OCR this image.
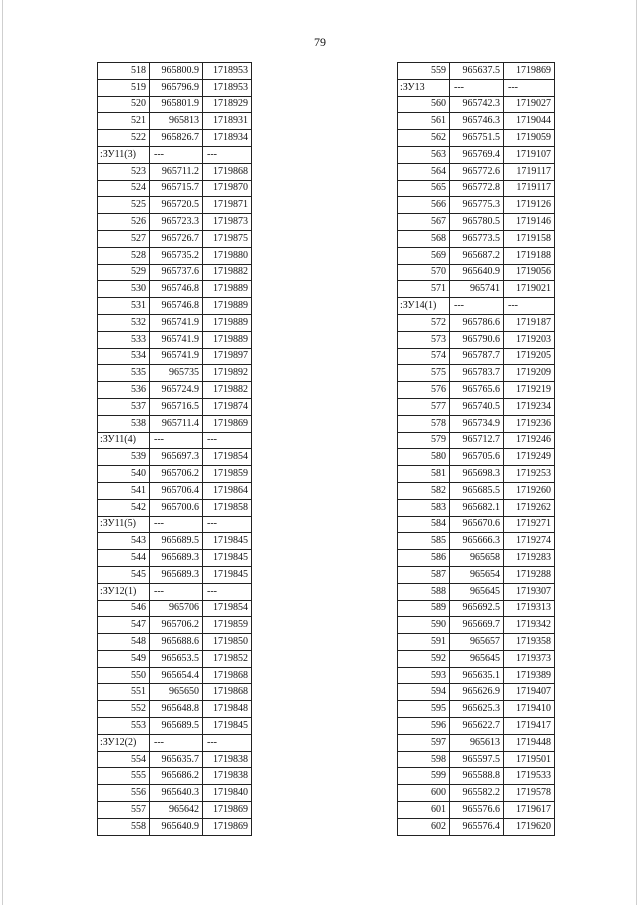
79
518	965800.9	1718953
519	965796.9	1718953
520	965801.9	1718929
521	965813	1718931
522	965826.7	1718934
:ЗУ11(3)	---	---
523	965711.2	1719868
524	965715.7	1719870
525	965720.5	1719871
526	965723.3	1719873
527	965726.7	1719875
528	965735.2	1719880
529	965737.6	1719882
530	965746.8	1719889
531	965746.8	1719889
532	965741.9	1719889
533	965741.9	1719889
534	965741.9	1719897
535	965735	1719892
536	965724.9	1719882
537	965716.5	1719874
538	965711.4	1719869
:ЗУ11(4)	---	---
539	965697.3	1719854
540	965706.2	1719859
541	965706.4	1719864
542	965700.6	1719858
:ЗУ11(5)	---	---
543	965689.5	1719845
544	965689.3	1719845
545	965689.3	1719845
:ЗУ12(1)	---	---
546	965706	1719854
547	965706.2	1719859
548	965688.6	1719850
549	965653.5	1719852
550	965654.4	1719868
551	965650	1719868
552	965648.8	1719848
553	965689.5	1719845
:ЗУ12(2)	---	---
554	965635.7	1719838
555	965686.2	1719838
556	965640.3	1719840
557	965642	1719869
558	965640.9	1719869
559	965637.5	1719869
:ЗУ13	---	---
560	965742.3	1719027
561	965746.3	1719044
562	965751.5	1719059
563	965769.4	1719107
564	965772.6	1719117
565	965772.8	1719117
566	965775.3	1719126
567	965780.5	1719146
568	965773.5	1719158
569	965687.2	1719188
570	965640.9	1719056
571	965741	1719021
:ЗУ14(1)	---	---
572	965786.6	1719187
573	965790.6	1719203
574	965787.7	1719205
575	965783.7	1719209
576	965765.6	1719219
577	965740.5	1719234
578	965734.9	1719236
579	965712.7	1719246
580	965705.6	1719249
581	965698.3	1719253
582	965685.5	1719260
583	965682.1	1719262
584	965670.6	1719271
585	965666.3	1719274
586	965658	1719283
587	965654	1719288
588	965645	1719307
589	965692.5	1719313
590	965669.7	1719342
591	965657	1719358
592	965645	1719373
593	965635.1	1719389
594	965626.9	1719407
595	965625.3	1719410
596	965622.7	1719417
597	965613	1719448
598	965597.5	1719501
599	965588.8	1719533
600	965582.2	1719578
601	965576.6	1719617
602	965576.4	1719620
